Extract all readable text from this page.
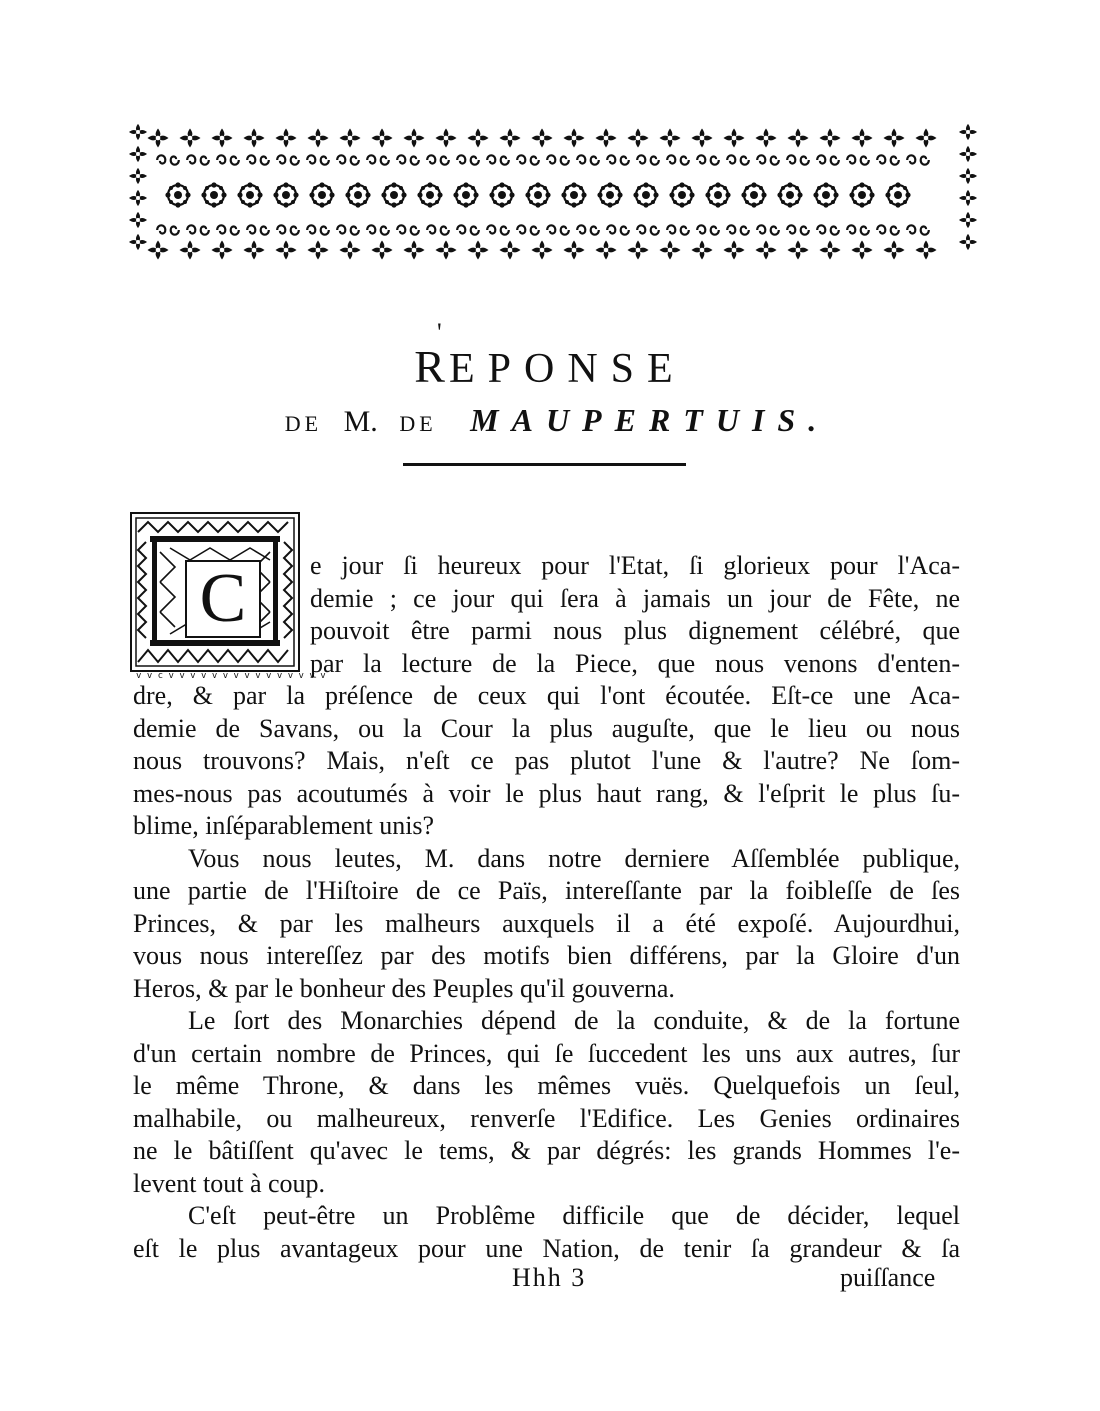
REPONSE
'
DE M. DE MAUPERTUIS.
v v c v v v v v v v v v v v v v v v
C	e jour ſi heureux pour l'Etat, ſi glorieux pour l'Aca-
demie ; ce jour qui ſera à jamais un jour de Fête, ne
pouvoit être parmi nous plus dignement célébré, que
par la lecture de la Piece, que nous venons d'enten-
dre, & par la préſence de ceux qui l'ont écoutée. Eſt-ce une Aca-
demie de Savans, ou la Cour la plus auguſte, que le lieu ou nous
nous trouvons? Mais, n'eſt ce pas plutot l'une & l'autre? Ne ſom-
mes-nous pas acoutumés à voir le plus haut rang, & l'eſprit le plus ſu-
blime, inſéparablement unis?
Vous nous leutes, M. dans notre derniere Aſſemblée publique,
une partie de l'Hiſtoire de ce Païs, intereſſante par la foibleſſe de ſes
Princes, & par les malheurs auxquels il a été expoſé. Aujourdhui,
vous nous intereſſez par des motifs bien différens, par la Gloire d'un
Heros, & par le bonheur des Peuples qu'il gouverna.
Le ſort des Monarchies dépend de la conduite, & de la fortune
d'un certain nombre de Princes, qui ſe ſuccedent les uns aux autres, ſur
le même Throne, & dans les mêmes vuës. Quelquefois un ſeul,
malhabile, ou malheureux, renverſe l'Edifice. Les Genies ordinaires
ne le bâtiſſent qu'avec le tems, & par dégrés: les grands Hommes l'e-
levent tout à coup.
C'eſt peut-être un Problême difficile que de décider, lequel
eſt le plus avantageux pour une Nation, de tenir ſa grandeur & ſa
Hhh 3	puiſſance
